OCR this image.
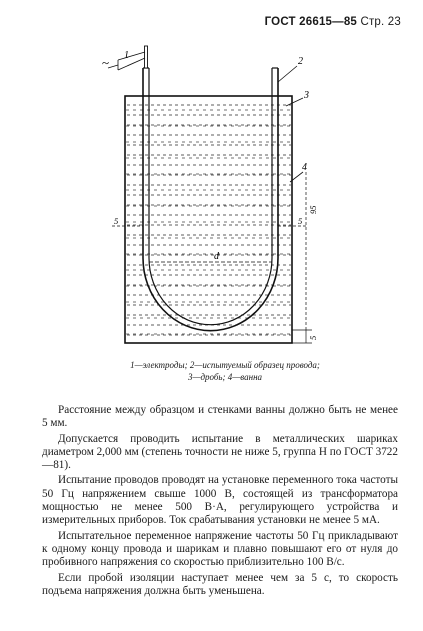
ГОСТ 26615—85 Стр. 23
~ 1
2
3
4
d
95
5	5
5
1—электроды; 2—испытуемый образец провода;
3—дробь; 4—ванна

Расстояние между образцом и стенками ванны должно быть не менее 5 мм.

Допускается проводить испытание в металлических шариках диаметром 2,000 мм (степень точности не ниже 5, группа Н по ГОСТ 3722—81).

Испытание проводов проводят на установке переменного тока частоты 50 Гц напряжением свыше 1000 В, состоящей из трансформатора мощностью не менее 500 В·А, регулирующего устройства и измерительных приборов. Ток срабатывания установки не менее 5 мА.

Испытательное переменное напряжение частоты 50 Гц прикладывают к одному концу провода и шарикам и плавно повышают его от нуля до пробивного напряжения со скоростью приблизительно 100 В/с.

Если пробой изоляции наступает менее чем за 5 с, то скорость подъема напряжения должна быть уменьшена.
